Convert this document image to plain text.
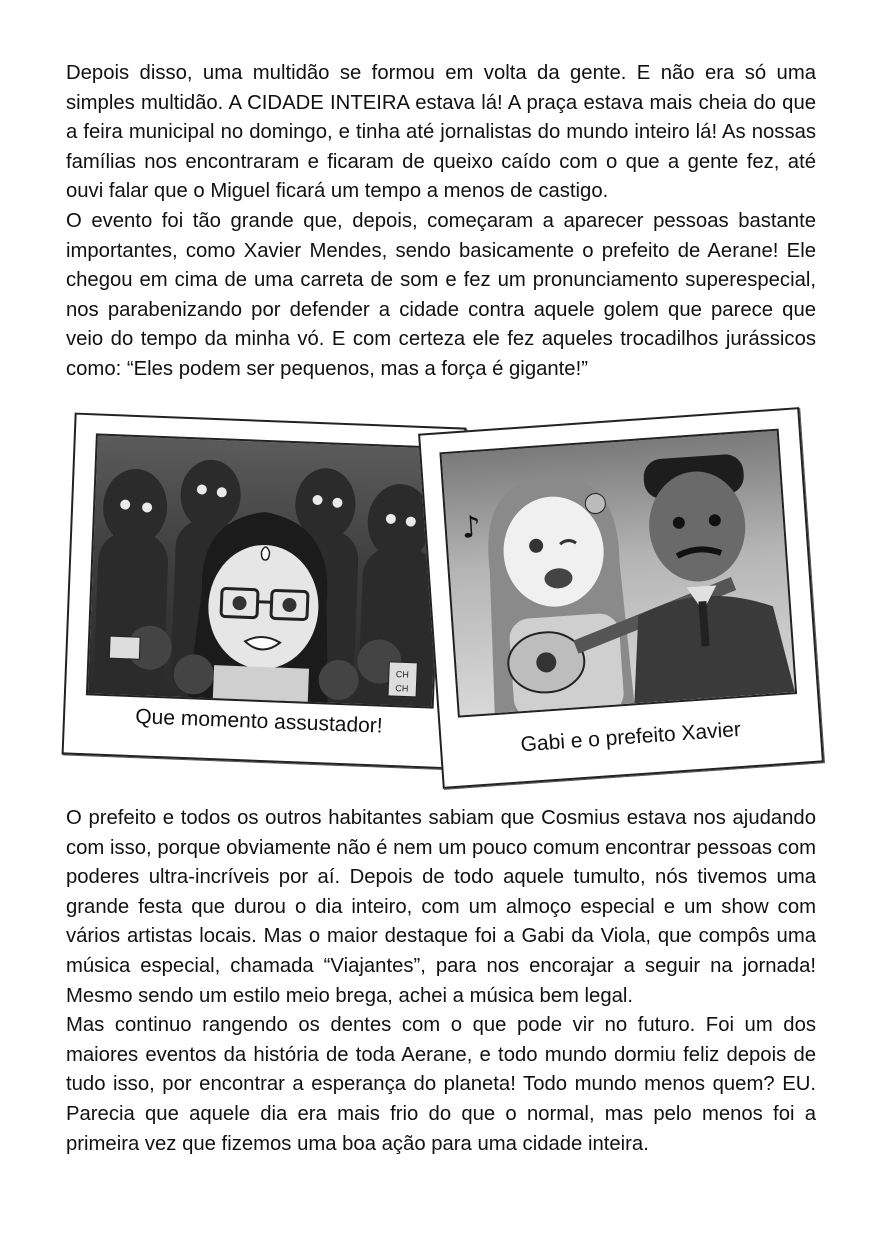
Depois disso, uma multidão se formou em volta da gente. E não era só uma simples multidão. A CIDADE INTEIRA estava lá! A praça estava mais cheia do que a feira municipal no domingo, e tinha até jornalistas do mundo inteiro lá! As nossas famílias nos encontraram e ficaram de queixo caído com o que a gente fez, até ouvi falar que o Miguel ficará um tempo a menos de castigo.

O evento foi tão grande que, depois, começaram a aparecer pessoas bastante importantes, como Xavier Mendes, sendo basicamente o prefeito de Aerane! Ele chegou em cima de uma carreta de som e fez um pronunciamento superespecial, nos parabenizando por defender a cidade contra aquele golem que parece que veio do tempo da minha vó. E com certeza ele fez aqueles trocadilhos jurássicos como: “Eles podem ser pequenos, mas a força é gigante!”

CH
CH
Que momento assustador!
♪
Gabi e o prefeito Xavier

O prefeito e todos os outros habitantes sabiam que Cosmius estava nos ajudando com isso, porque obviamente não é nem um pouco comum encontrar pessoas com poderes ultra-incríveis por aí. Depois de todo aquele tumulto, nós tivemos uma grande festa que durou o dia inteiro, com um almoço especial e um show com vários artistas locais. Mas o maior destaque foi a Gabi da Viola, que compôs uma música especial, chamada “Viajantes”, para nos encorajar a seguir na jornada! Mesmo sendo um estilo meio brega, achei a música bem legal.

Mas continuo rangendo os dentes com o que pode vir no futuro. Foi um dos maiores eventos da história de toda Aerane, e todo mundo dormiu feliz depois de tudo isso, por encontrar a esperança do planeta! Todo mundo menos quem? EU. Parecia que aquele dia era mais frio do que o normal, mas pelo menos foi a primeira vez que fizemos uma boa ação para uma cidade inteira.
